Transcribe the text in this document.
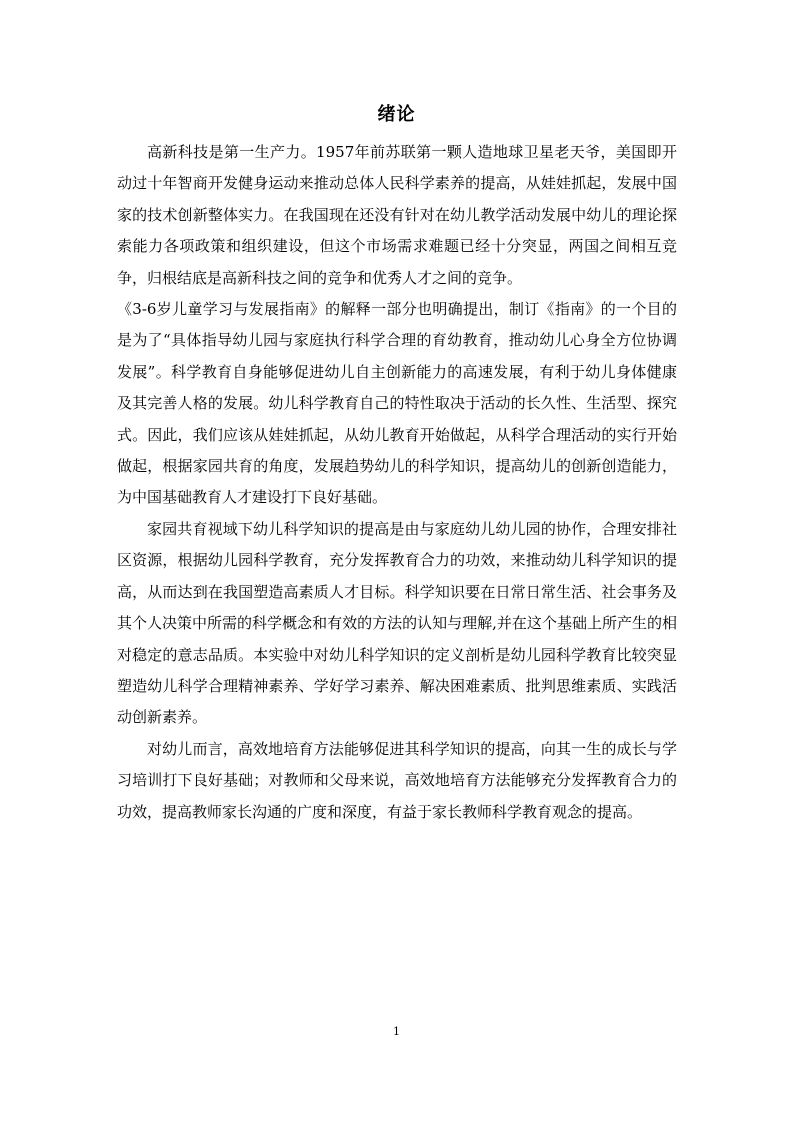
绪论

高新科技是第一生产力。1957年前苏联第一颗人造地球卫星老天爷，美国即开动过十年智商开发健身运动来推动总体人民科学素养的提高，从娃娃抓起，发展中国家的技术创新整体实力。在我国现在还没有针对在幼儿教学活动发展中幼儿的理论探索能力各项政策和组织建设，但这个市场需求难题已经十分突显，两国之间相互竞争，归根结底是高新科技之间的竞争和优秀人才之间的竞争。

《3-6岁儿童学习与发展指南》的解释一部分也明确提出，制订《指南》的一个目的是为了“具体指导幼儿园与家庭执行科学合理的育幼教育，推动幼儿心身全方位协调发展”。科学教育自身能够促进幼儿自主创新能力的高速发展，有利于幼儿身体健康及其完善人格的发展。幼儿科学教育自己的特性取决于活动的长久性、生活型、探究式。因此，我们应该从娃娃抓起，从幼儿教育开始做起，从科学合理活动的实行开始做起，根据家园共育的角度，发展趋势幼儿的科学知识，提高幼儿的创新创造能力，为中国基础教育人才建设打下良好基础。

家园共育视域下幼儿科学知识的提高是由与家庭幼儿幼儿园的协作，合理安排社区资源，根据幼儿园科学教育，充分发挥教育合力的功效，来推动幼儿科学知识的提高，从而达到在我国塑造高素质人才目标。科学知识要在日常日常生活、社会事务及其个人决策中所需的科学概念和有效的方法的认知与理解,并在这个基础上所产生的相对稳定的意志品质。本实验中对幼儿科学知识的定义剖析是幼儿园科学教育比较突显塑造幼儿科学合理精神素养、学好学习素养、解决困难素质、批判思维素质、实践活动创新素养。

对幼儿而言，高效地培育方法能够促进其科学知识的提高，向其一生的成长与学习培训打下良好基础；对教师和父母来说，高效地培育方法能够充分发挥教育合力的功效，提高教师家长沟通的广度和深度，有益于家长教师科学教育观念的提高。

1
